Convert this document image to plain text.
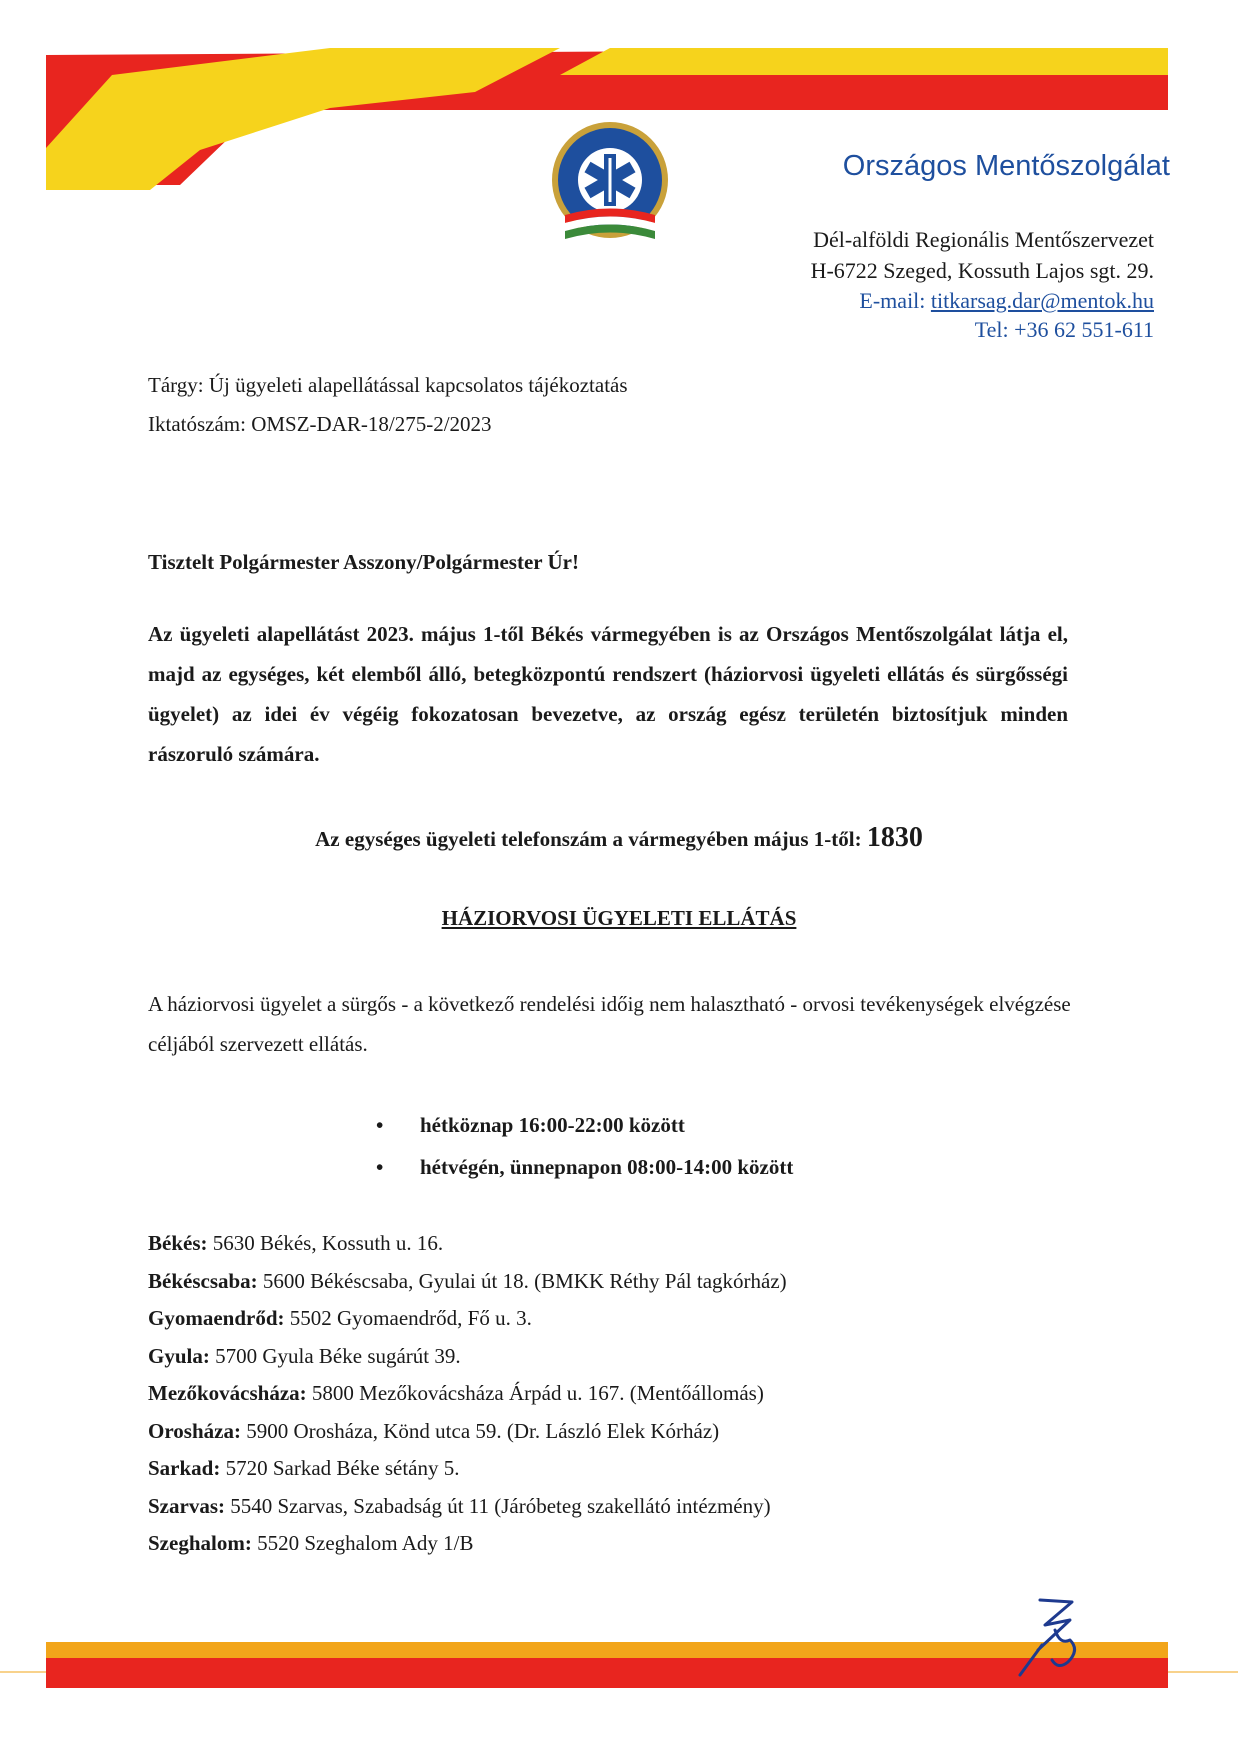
Országos Mentőszolgálat
Dél-alföldi Regionális Mentőszervezet
H-6722 Szeged, Kossuth Lajos sgt. 29.
E-mail: titkarsag.dar@mentok.hu
Tel: +36 62 551-611
Tárgy: Új ügyeleti alapellátással kapcsolatos tájékoztatás
Iktatószám: OMSZ-DAR-18/275-2/2023
Tisztelt Polgármester Asszony/Polgármester Úr!
Az ügyeleti alapellátást 2023. május 1-től Békés vármegyében is az Országos Mentőszolgálat látja el, majd az egységes, két elemből álló, betegközpontú rendszert (háziorvosi ügyeleti ellátás és sürgősségi ügyelet) az idei év végéig fokozatosan bevezetve, az ország egész területén biztosítjuk minden rászoruló számára.
Az egységes ügyeleti telefonszám a vármegyében május 1-től: 1830
HÁZIORVOSI ÜGYELETI ELLÁTÁS
A háziorvosi ügyelet a sürgős - a következő rendelési időig nem halasztható - orvosi tevékenységek elvégzése céljából szervezett ellátás.
• hétköznap 16:00-22:00 között
• hétvégén, ünnepnapon 08:00-14:00 között
Békés: 5630 Békés, Kossuth u. 16.
Békéscsaba: 5600 Békéscsaba, Gyulai út 18. (BMKK Réthy Pál tagkórház)
Gyomaendrőd: 5502 Gyomaendrőd, Fő u. 3.
Gyula: 5700 Gyula Béke sugárút 39.
Mezőkovácsháza: 5800 Mezőkovácsháza Árpád u. 167. (Mentőállomás)
Orosháza: 5900 Orosháza, Könd utca 59. (Dr. László Elek Kórház)
Sarkad: 5720 Sarkad Béke sétány 5.
Szarvas: 5540 Szarvas, Szabadság út 11 (Járóbeteg szakellátó intézmény)
Szeghalom: 5520 Szeghalom Ady 1/B
